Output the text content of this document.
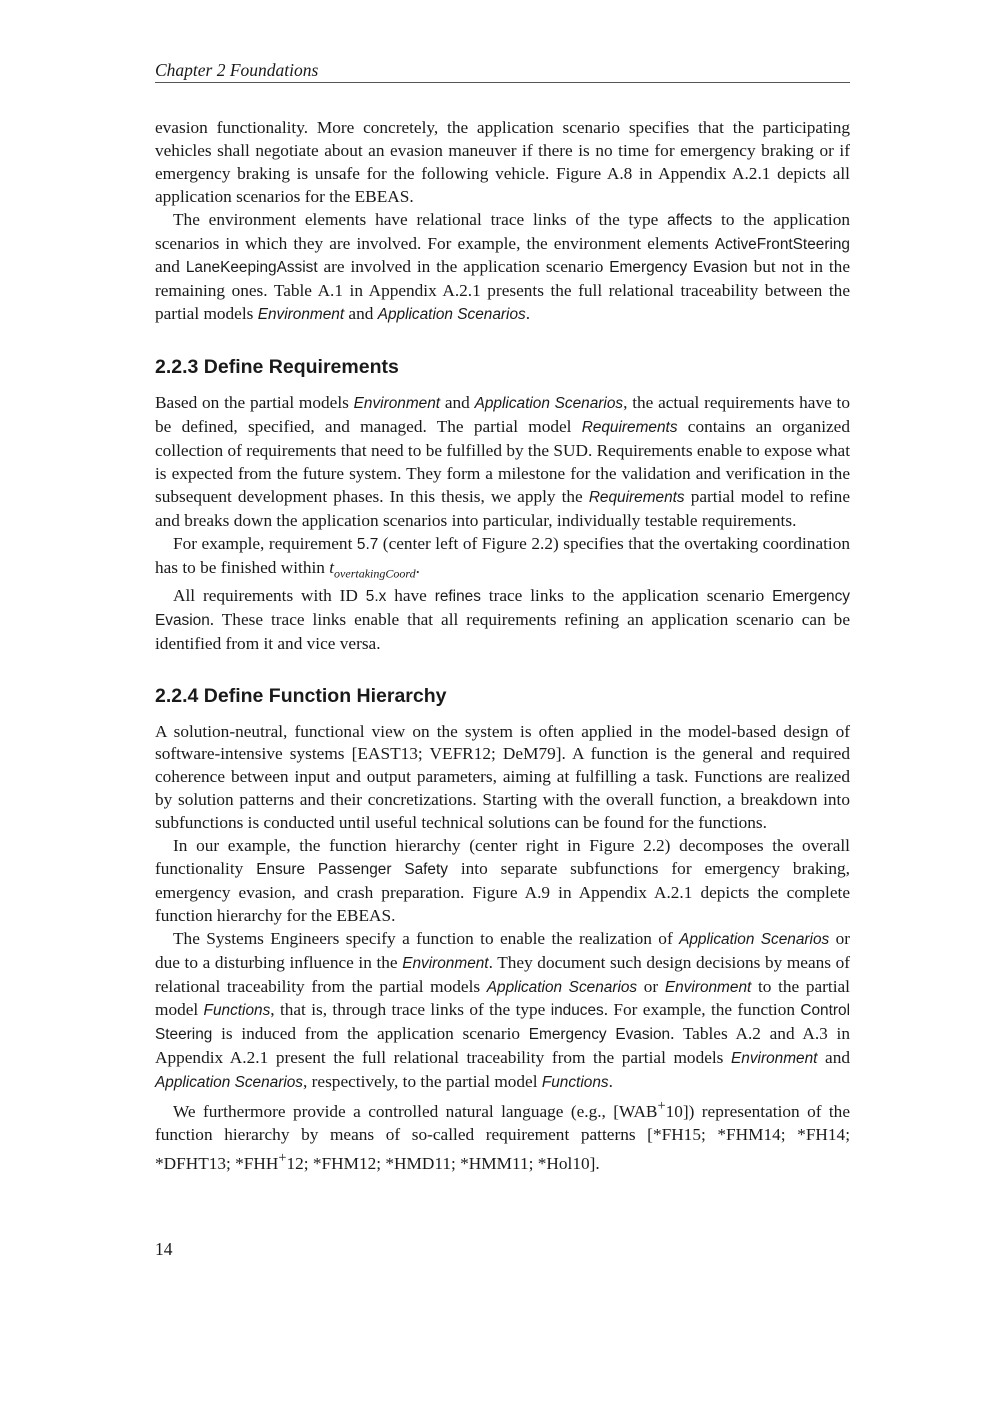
Chapter 2 Foundations

evasion functionality. More concretely, the application scenario specifies that the participating vehicles shall negotiate about an evasion maneuver if there is no time for emergency braking or if emergency braking is unsafe for the following vehicle. Figure A.8 in Appendix A.2.1 depicts all application scenarios for the EBEAS.

The environment elements have relational trace links of the type affects to the application scenarios in which they are involved. For example, the environment elements ActiveFrontSteering and LaneKeepingAssist are involved in the application scenario Emergency Evasion but not in the remaining ones. Table A.1 in Appendix A.2.1 presents the full relational traceability between the partial models Environment and Application Scenarios.

2.2.3 Define Requirements

Based on the partial models Environment and Application Scenarios, the actual requirements have to be defined, specified, and managed. The partial model Requirements contains an organized collection of requirements that need to be fulfilled by the SUD. Requirements enable to expose what is expected from the future system. They form a milestone for the validation and verification in the subsequent development phases. In this thesis, we apply the Requirements partial model to refine and breaks down the application scenarios into particular, individually testable requirements.

For example, requirement 5.7 (center left of Figure 2.2) specifies that the overtaking coordination has to be finished within $t_{overtakingCoord}$.

All requirements with ID 5.x have refines trace links to the application scenario Emergency Evasion. These trace links enable that all requirements refining an application scenario can be identified from it and vice versa.

2.2.4 Define Function Hierarchy

A solution-neutral, functional view on the system is often applied in the model-based design of software-intensive systems [EAST13; VEFR12; DeM79]. A function is the general and required coherence between input and output parameters, aiming at fulfilling a task. Functions are realized by solution patterns and their concretizations. Starting with the overall function, a breakdown into subfunctions is conducted until useful technical solutions can be found for the functions.

In our example, the function hierarchy (center right in Figure 2.2) decomposes the overall functionality Ensure Passenger Safety into separate subfunctions for emergency braking, emergency evasion, and crash preparation. Figure A.9 in Appendix A.2.1 depicts the complete function hierarchy for the EBEAS.

The Systems Engineers specify a function to enable the realization of Application Scenarios or due to a disturbing influence in the Environment. They document such design decisions by means of relational traceability from the partial models Application Scenarios or Environment to the partial model Functions, that is, through trace links of the type induces. For example, the function Control Steering is induced from the application scenario Emergency Evasion. Tables A.2 and A.3 in Appendix A.2.1 present the full relational traceability from the partial models Environment and Application Scenarios, respectively, to the partial model Functions.

We furthermore provide a controlled natural language (e.g., [WAB+10]) representation of the function hierarchy by means of so-called requirement patterns [*FH15; *FHM14; *FH14; *DFHT13; *FHH+12; *FHM12; *HMD11; *HMM11; *Hol10].

14
